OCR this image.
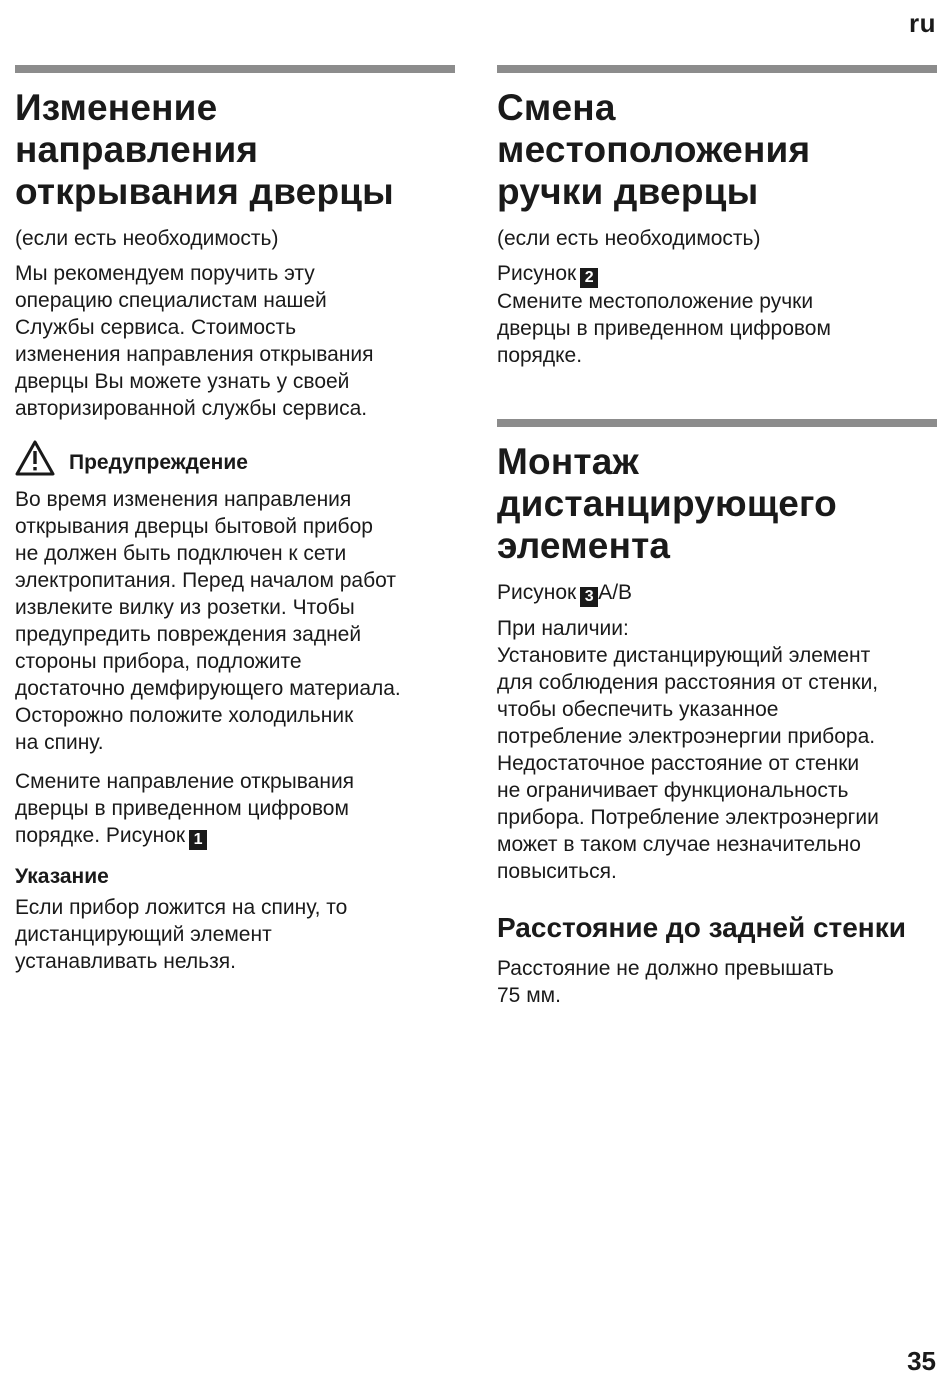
ru
Изменение
направления
открывания дверцы

(если есть необходимость)

Мы рекомендуем поручить эту
операцию специалистам нашей
Службы сервиса. Стоимость
изменения направления открывания
дверцы Вы можете узнать у своей
авторизированной службы сервиса.

Предупреждение

Во время изменения направления
открывания дверцы бытовой прибор
не должен быть подключен к сети
электропитания. Перед началом работ
извлеките вилку из розетки. Чтобы
предупредить повреждения задней
стороны прибора, подложите
достаточно демфирующего материала.
Осторожно положите холодильник
на спину.

Смените направление открывания
дверцы в приведенном цифровом
порядке. Рисунок 1

Указание

Если прибор ложится на спину, то
дистанцирующий элемент
устанавливать нельзя.

Смена
местоположения
ручки дверцы

(если есть необходимость)

Рисунок 2

Смените местоположение ручки
дверцы в приведенном цифровом
порядке.

Монтаж
дистанцирующего
элемента

Рисунок 3 A/B

При наличии:
Установите дистанцирующий элемент
для соблюдения расстояния от стенки,
чтобы обеспечить указанное
потребление электроэнергии прибора.
Недостаточное расстояние от стенки
не ограничивает функциональность
прибора. Потребление электроэнергии
может в таком случае незначительно
повыситься.

Расстояние до задней стенки

Расстояние не должно превышать
75 мм.

35
